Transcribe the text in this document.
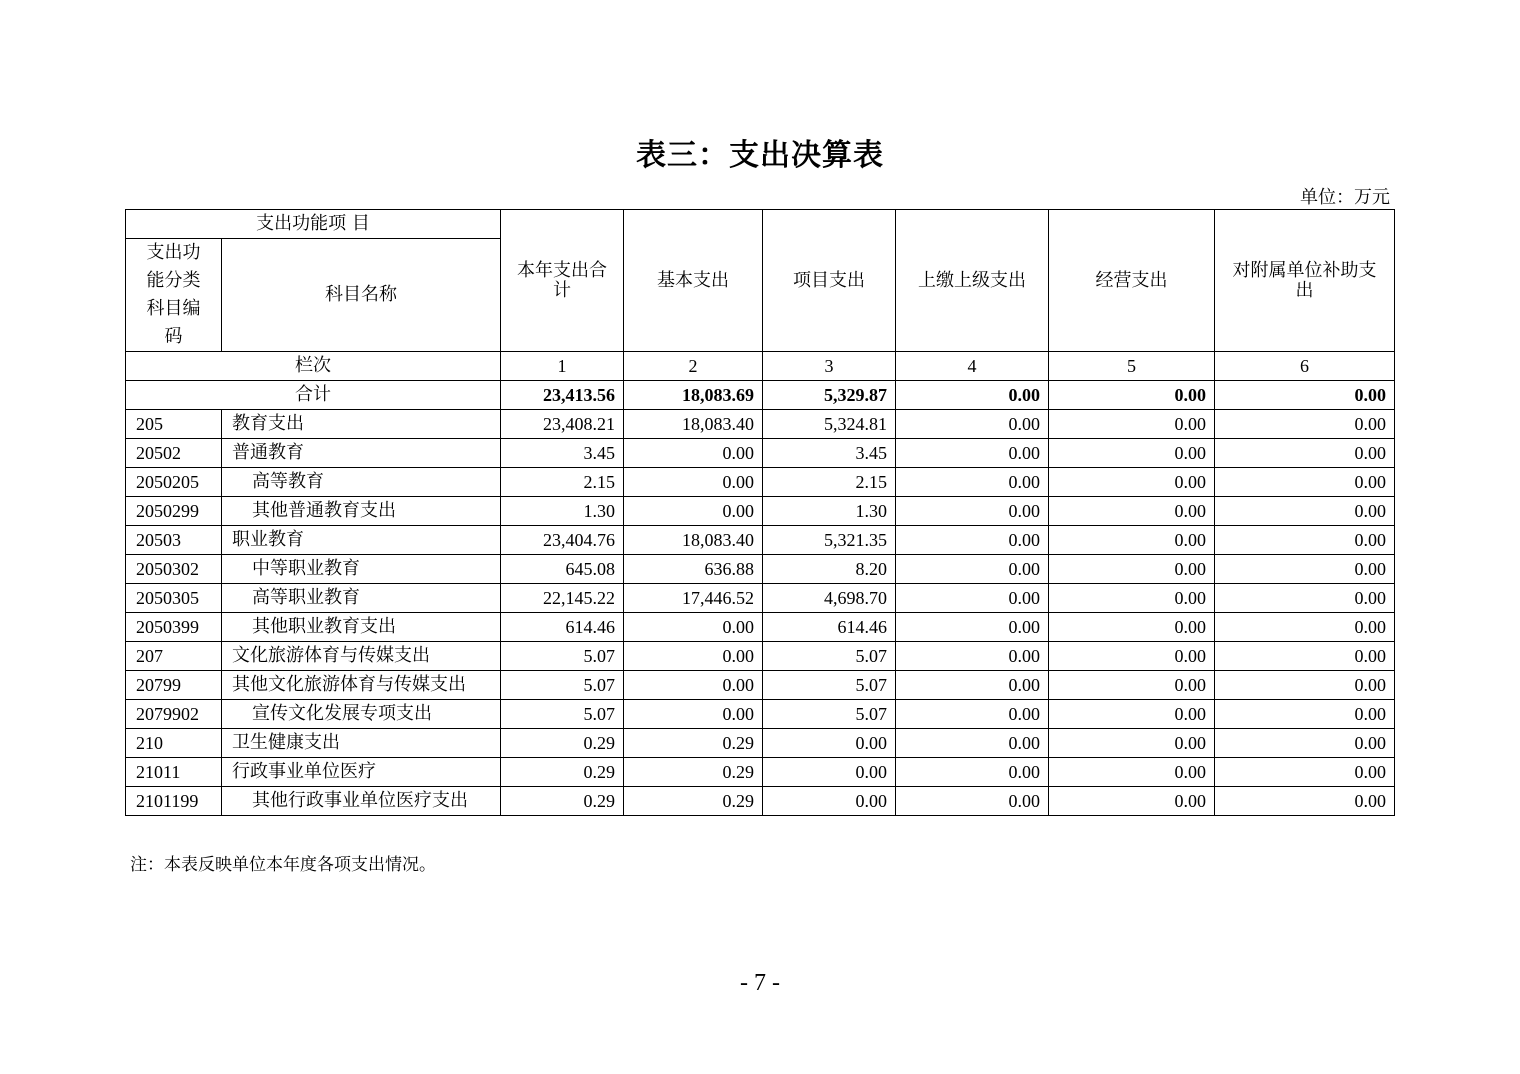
表三：支出决算表
单位：万元
支出功能项 目		本年支出合计	基本支出	项目支出	上缴上级支出	经营支出	对附属单位补助支出
支出功能分类科目编码	科目名称						
栏次		1	2	3	4	5	6
合计		23,413.56	18,083.69	5,329.87	0.00	0.00	0.00
205	教育支出	23,408.21	18,083.40	5,324.81	0.00	0.00	0.00
20502	普通教育	3.45	0.00	3.45	0.00	0.00	0.00
2050205	高等教育	2.15	0.00	2.15	0.00	0.00	0.00
2050299	其他普通教育支出	1.30	0.00	1.30	0.00	0.00	0.00
20503	职业教育	23,404.76	18,083.40	5,321.35	0.00	0.00	0.00
2050302	中等职业教育	645.08	636.88	8.20	0.00	0.00	0.00
2050305	高等职业教育	22,145.22	17,446.52	4,698.70	0.00	0.00	0.00
2050399	其他职业教育支出	614.46	0.00	614.46	0.00	0.00	0.00
207	文化旅游体育与传媒支出	5.07	0.00	5.07	0.00	0.00	0.00
20799	其他文化旅游体育与传媒支出	5.07	0.00	5.07	0.00	0.00	0.00
2079902	宣传文化发展专项支出	5.07	0.00	5.07	0.00	0.00	0.00
210	卫生健康支出	0.29	0.29	0.00	0.00	0.00	0.00
21011	行政事业单位医疗	0.29	0.29	0.00	0.00	0.00	0.00
2101199	其他行政事业单位医疗支出	0.29	0.29	0.00	0.00	0.00	0.00
注：本表反映单位本年度各项支出情况。
- 7 -
